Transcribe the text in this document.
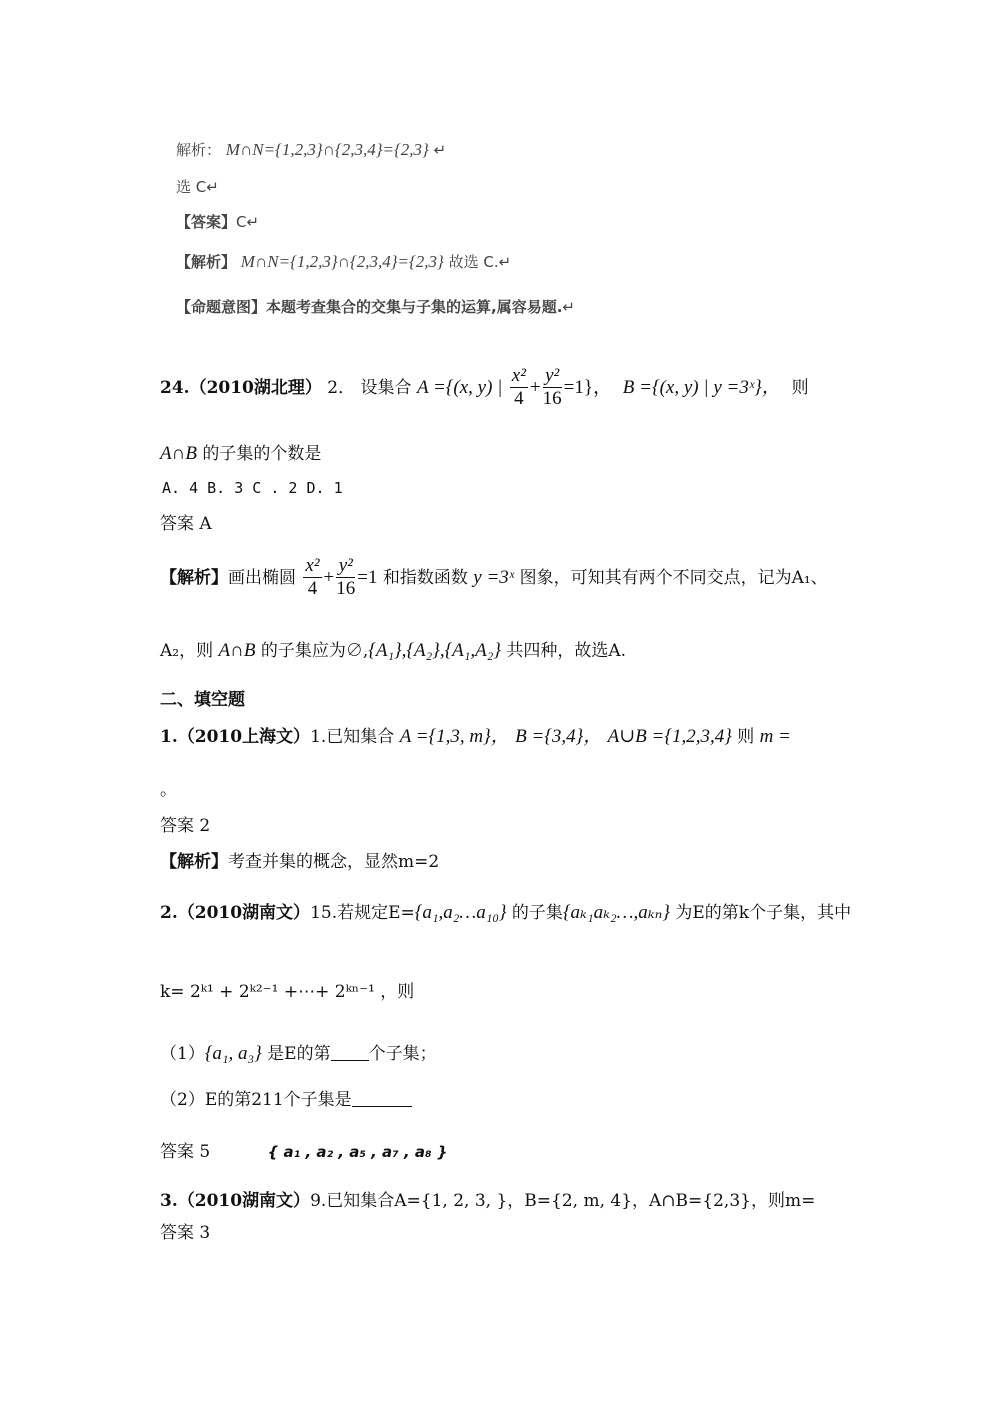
解析： M∩N={1,2,3}∩{2,3,4}={2,3} ↵
选 C↵
【答案】C↵
【解析】 M∩N={1,2,3}∩{2,3,4}={2,3} 故选 C.↵
【命题意图】本题考查集合的交集与子集的运算,属容易题.↵
24.（2010湖北理） 2． 设集合 A ={(x, y) | $\frac{\text{x²}}{4} + \frac{\text{y²}}{16} =1$}， B ={(x, y) | y =3ˣ}， 则
A∩B 的子集的个数是
A. 4 B. 3 C . 2 D. 1
答案 A
【解析】画出椭圆 $\frac{\text{x²}}{4} + \frac{\text{y²}}{16} =1$ 和指数函数 y =3ˣ 图象，可知其有两个不同交点，记为A₁、
A₂，则 A∩B 的子集应为∅,{A₁},{A₂},{A₁,A₂} 共四种，故选A.
二、填空题
1.（2010上海文）1.已知集合 A ={1,3, m}， B ={3,4}， A∪B ={1,2,3,4} 则 m =
。
答案 2
【解析】考查并集的概念，显然m=2
2.（2010湖南文）15.若规定E={a₁,a₂…a₁₀} 的子集{aₖ₁aₖ₂…,aₖₙ} 为E的第k个子集，其中
k= 2ᵏ¹ + 2ᵏ²⁻¹ +⋯+ 2ᵏⁿ⁻¹ ，则
（1）{a₁, a₃} 是E的第 个子集；
（2）E的第211个子集是
答案 5	{ a₁ , a₂ , a₅ , a₇ , a₈ }
3.（2010湖南文）9.已知集合A={1, 2, 3, }，B={2, m, 4}，A∩B={2,3}，则m=
答案 3
